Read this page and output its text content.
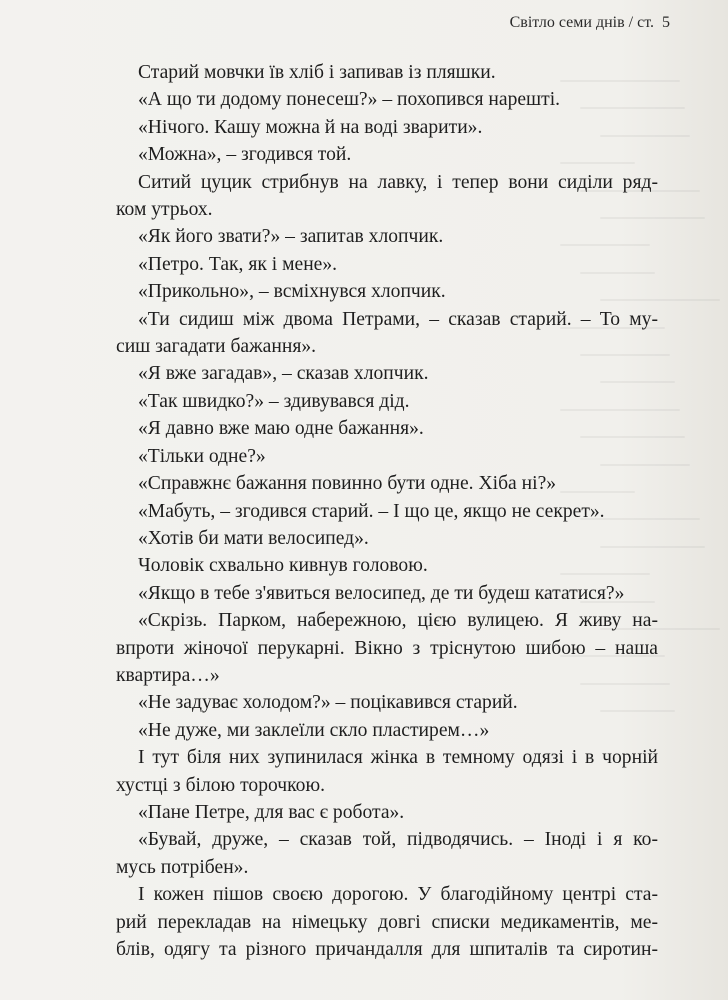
Світло семи днів / ст. 5
Старий мовчки їв хліб і запивав із пляшки.
«А що ти додому понесеш?» – похопився нарешті.
«Нічого. Кашу можна й на воді зварити».
«Можна», – згодився той.
Ситий цуцик стрибнув на лавку, і тепер вони сиділи ряд-
ком утрьох.
«Як його звати?» – запитав хлопчик.
«Петро. Так, як і мене».
«Прикольно», – всміхнувся хлопчик.
«Ти сидиш між двома Петрами, – сказав старий. – То му-
сиш загадати бажання».
«Я вже загадав», – сказав хлопчик.
«Так швидко?» – здивувався дід.
«Я давно вже маю одне бажання».
«Тільки одне?»
«Справжнє бажання повинно бути одне. Хіба ні?»
«Мабуть, – згодився старий. – І що це, якщо не секрет».
«Хотів би мати велосипед».
Чоловік схвально кивнув головою.
«Якщо в тебе з'явиться велосипед, де ти будеш кататися?»
«Скрізь. Парком, набережною, цією вулицею. Я живу на-
впроти жіночої перукарні. Вікно з тріснутою шибою – наша
квартира…»
«Не задуває холодом?» – поцікавився старий.
«Не дуже, ми заклеїли скло пластирем…»
І тут біля них зупинилася жінка в темному одязі і в чорній
хустці з білою торочкою.
«Пане Петре, для вас є робота».
«Бувай, друже, – сказав той, підводячись. – Іноді і я ко-
мусь потрібен».
І кожен пішов своєю дорогою. У благодійному центрі ста-
рий перекладав на німецьку довгі списки медикаментів, ме-
блів, одягу та різного причандалля для шпиталів та сиротин-
